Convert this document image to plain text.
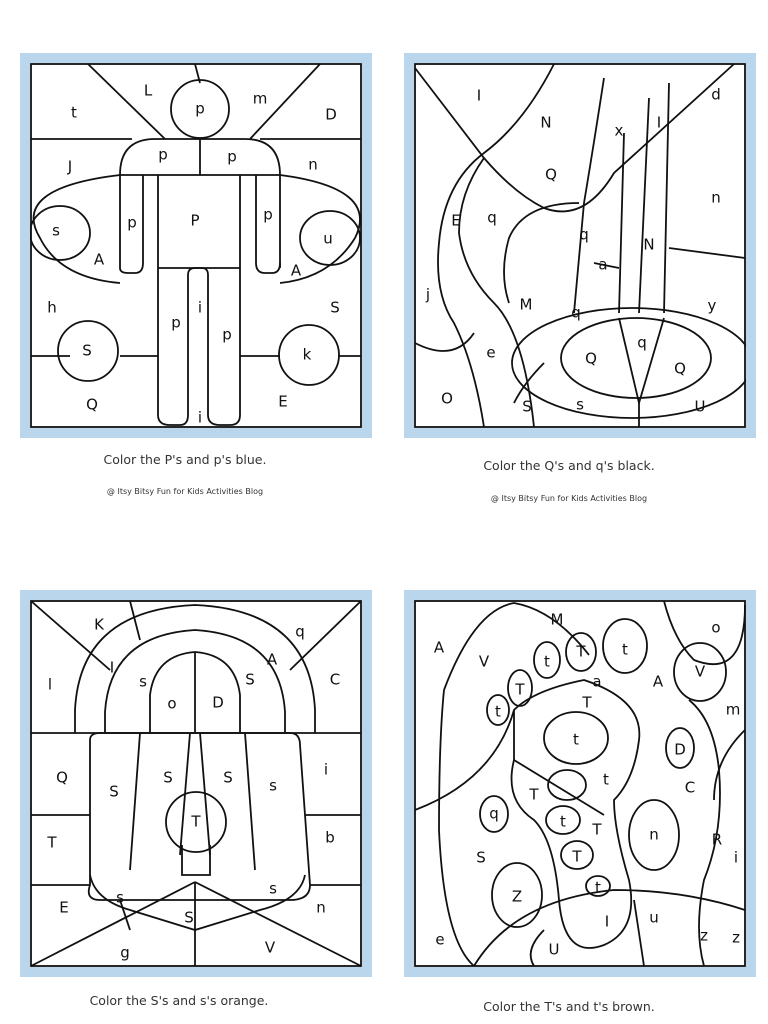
L
p
m
t	D
p	p
J	n
s	p	P	p
u
A
A
h
p
i
p
S
S	k
Q	E
i
Color the P's and p's blue.
@ Itsy Bitsy Fun for Kids Activities Blog
I
N	x I
d
Q
n
E q
q
a
N
j
M	q	y
Q
q
Q
e
O	S	s	U
Color the Q's and q's black.
@ Itsy Bitsy Fun for Kids Activities Blog
K	q
I	A
C
l	s	S
o D
Q
S
S	S s
i
T
b
T
E
s	s
n
S
g	V
Color the S's and s's orange.
M	o
A
t
T t
V
a	A
V
T
t	T	m
t
D
T
t	C
q	t T	n	R
S	T	i
Z	t
I	u
e
U
z z
Color the T's and t's brown.
